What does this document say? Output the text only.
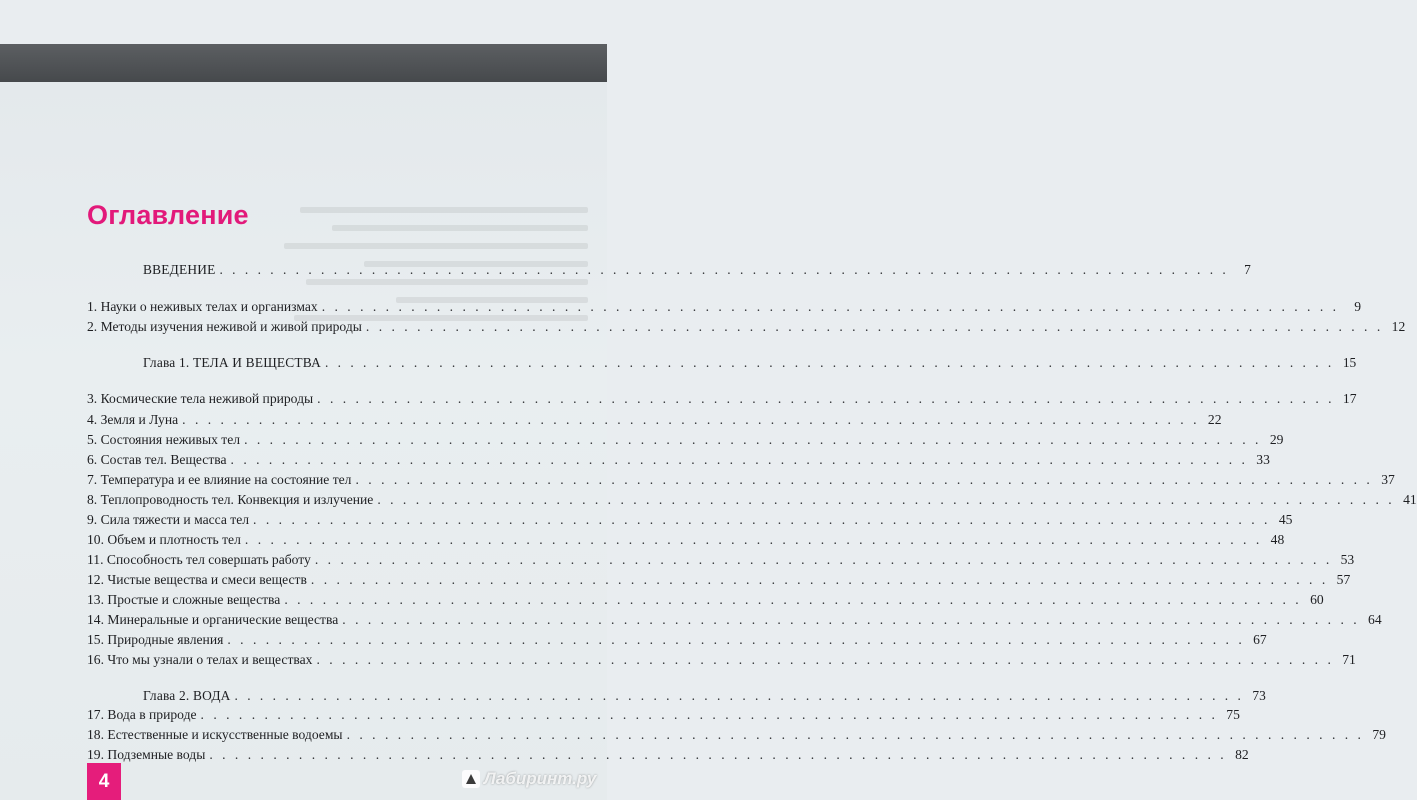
Оглавление
ВВЕДЕНИЕ . . . . . . . . . . . . . . . . . . . . . . . . . . . . . . . . . . . . . . . . . . . . . . . . . . . . . . . . . . . . . . . . . . . . . . . . . . . . . . . .	7
1. Науки о неживых телах и организмах . . . . . . . . . . . . . . . . . . . . . . . . . . . . . . . . . . . . . . . . . . . . . . . . . . . . . . . . . . . . . . . . . . . . . . . . . . . . . . . .	9
2. Методы изучения неживой и живой природы . . . . . . . . . . . . . . . . . . . . . . . . . . . . . . . . . . . . . . . . . . . . . . . . . . . . . . . . . . . . . . . . . . . . . . . . . . . . . . . . 12
Глава 1. ТЕЛА И ВЕЩЕСТВА . . . . . . . . . . . . . . . . . . . . . . . . . . . . . . . . . . . . . . . . . . . . . . . . . . . . . . . . . . . . . . . . . . . . . . . . . . . . . . . . 15
3. Космические тела неживой природы . . . . . . . . . . . . . . . . . . . . . . . . . . . . . . . . . . . . . . . . . . . . . . . . . . . . . . . . . . . . . . . . . . . . . . . . . . . . . . . . 17
4. Земля и Луна . . . . . . . . . . . . . . . . . . . . . . . . . . . . . . . . . . . . . . . . . . . . . . . . . . . . . . . . . . . . . . . . . . . . . . . . . . . . . . . . 22
5. Состояния неживых тел . . . . . . . . . . . . . . . . . . . . . . . . . . . . . . . . . . . . . . . . . . . . . . . . . . . . . . . . . . . . . . . . . . . . . . . . . . . . . . . . 29
6. Состав тел. Вещества . . . . . . . . . . . . . . . . . . . . . . . . . . . . . . . . . . . . . . . . . . . . . . . . . . . . . . . . . . . . . . . . . . . . . . . . . . . . . . . . 33
7. Температура и ее влияние на состояние тел . . . . . . . . . . . . . . . . . . . . . . . . . . . . . . . . . . . . . . . . . . . . . . . . . . . . . . . . . . . . . . . . . . . . . . . . . . . . . . . . 37
8. Теплопроводность тел. Конвекция и излучение . . . . . . . . . . . . . . . . . . . . . . . . . . . . . . . . . . . . . . . . . . . . . . . . . . . . . . . . . . . . . . . . . . . . . . . . . . . . . . . . 41
9. Сила тяжести и масса тел . . . . . . . . . . . . . . . . . . . . . . . . . . . . . . . . . . . . . . . . . . . . . . . . . . . . . . . . . . . . . . . . . . . . . . . . . . . . . . . . 45
10. Объем и плотность тел . . . . . . . . . . . . . . . . . . . . . . . . . . . . . . . . . . . . . . . . . . . . . . . . . . . . . . . . . . . . . . . . . . . . . . . . . . . . . . . . 48
11. Способность тел совершать работу . . . . . . . . . . . . . . . . . . . . . . . . . . . . . . . . . . . . . . . . . . . . . . . . . . . . . . . . . . . . . . . . . . . . . . . . . . . . . . . . 53
12. Чистые вещества и смеси веществ . . . . . . . . . . . . . . . . . . . . . . . . . . . . . . . . . . . . . . . . . . . . . . . . . . . . . . . . . . . . . . . . . . . . . . . . . . . . . . . . 57
13. Простые и сложные вещества . . . . . . . . . . . . . . . . . . . . . . . . . . . . . . . . . . . . . . . . . . . . . . . . . . . . . . . . . . . . . . . . . . . . . . . . . . . . . . . . 60
14. Минеральные и органические вещества . . . . . . . . . . . . . . . . . . . . . . . . . . . . . . . . . . . . . . . . . . . . . . . . . . . . . . . . . . . . . . . . . . . . . . . . . . . . . . . . 64
15. Природные явления . . . . . . . . . . . . . . . . . . . . . . . . . . . . . . . . . . . . . . . . . . . . . . . . . . . . . . . . . . . . . . . . . . . . . . . . . . . . . . . . 67
16. Что мы узнали о телах и веществах . . . . . . . . . . . . . . . . . . . . . . . . . . . . . . . . . . . . . . . . . . . . . . . . . . . . . . . . . . . . . . . . . . . . . . . . . . . . . . . . 71
Глава 2. ВОДА . . . . . . . . . . . . . . . . . . . . . . . . . . . . . . . . . . . . . . . . . . . . . . . . . . . . . . . . . . . . . . . . . . . . . . . . . . . . . . . . 73
17. Вода в природе . . . . . . . . . . . . . . . . . . . . . . . . . . . . . . . . . . . . . . . . . . . . . . . . . . . . . . . . . . . . . . . . . . . . . . . . . . . . . . . . 75
18. Естественные и искусственные водоемы . . . . . . . . . . . . . . . . . . . . . . . . . . . . . . . . . . . . . . . . . . . . . . . . . . . . . . . . . . . . . . . . . . . . . . . . . . . . . . . . 79
19. Подземные воды . . . . . . . . . . . . . . . . . . . . . . . . . . . . . . . . . . . . . . . . . . . . . . . . . . . . . . . . . . . . . . . . . . . . . . . . . . . . . . . . 82
4	Лабиринт.ру
